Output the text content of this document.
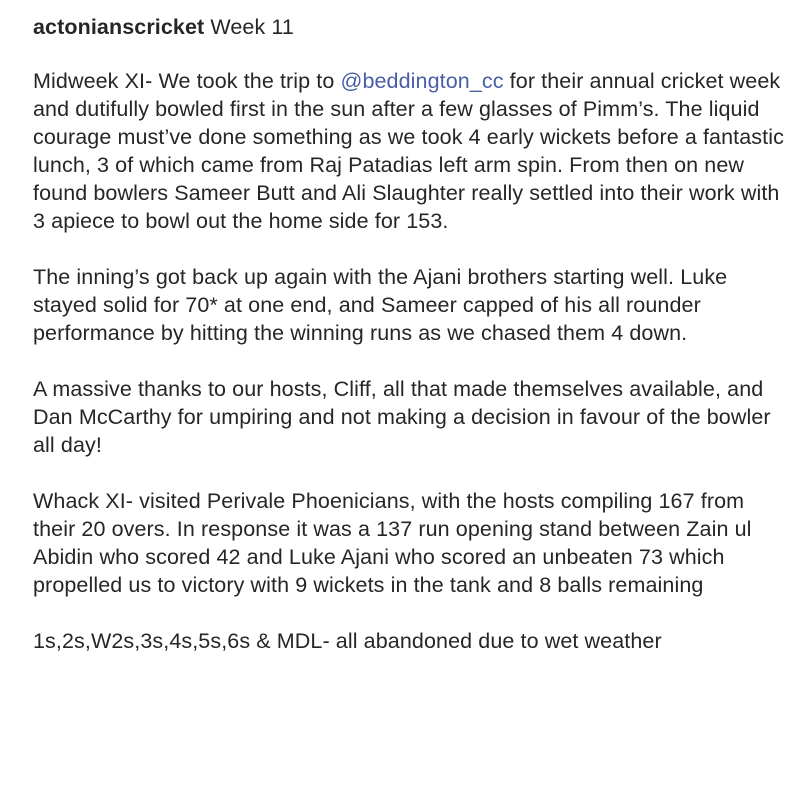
actonianscricket Week 11
Midweek XI- We took the trip to @beddington_cc for their annual cricket week and dutifully bowled first in the sun after a few glasses of Pimm’s. The liquid courage must’ve done something as we took 4 early wickets before a fantastic lunch, 3 of which came from Raj Patadias left arm spin. From then on new found bowlers Sameer Butt and Ali Slaughter really settled into their work with 3 apiece to bowl out the home side for 153.
The inning’s got back up again with the Ajani brothers starting well. Luke stayed solid for 70* at one end, and Sameer capped of his all rounder performance by hitting the winning runs as we chased them 4 down.
A massive thanks to our hosts, Cliff, all that made themselves available, and Dan McCarthy for umpiring and not making a decision in favour of the bowler all day!
Whack XI- visited Perivale Phoenicians, with the hosts compiling 167 from their 20 overs. In response it was a 137 run opening stand between Zain ul Abidin who scored 42 and Luke Ajani who scored an unbeaten 73 which propelled us to victory with 9 wickets in the tank and 8 balls remaining
1s,2s,W2s,3s,4s,5s,6s & MDL- all abandoned due to wet weather
